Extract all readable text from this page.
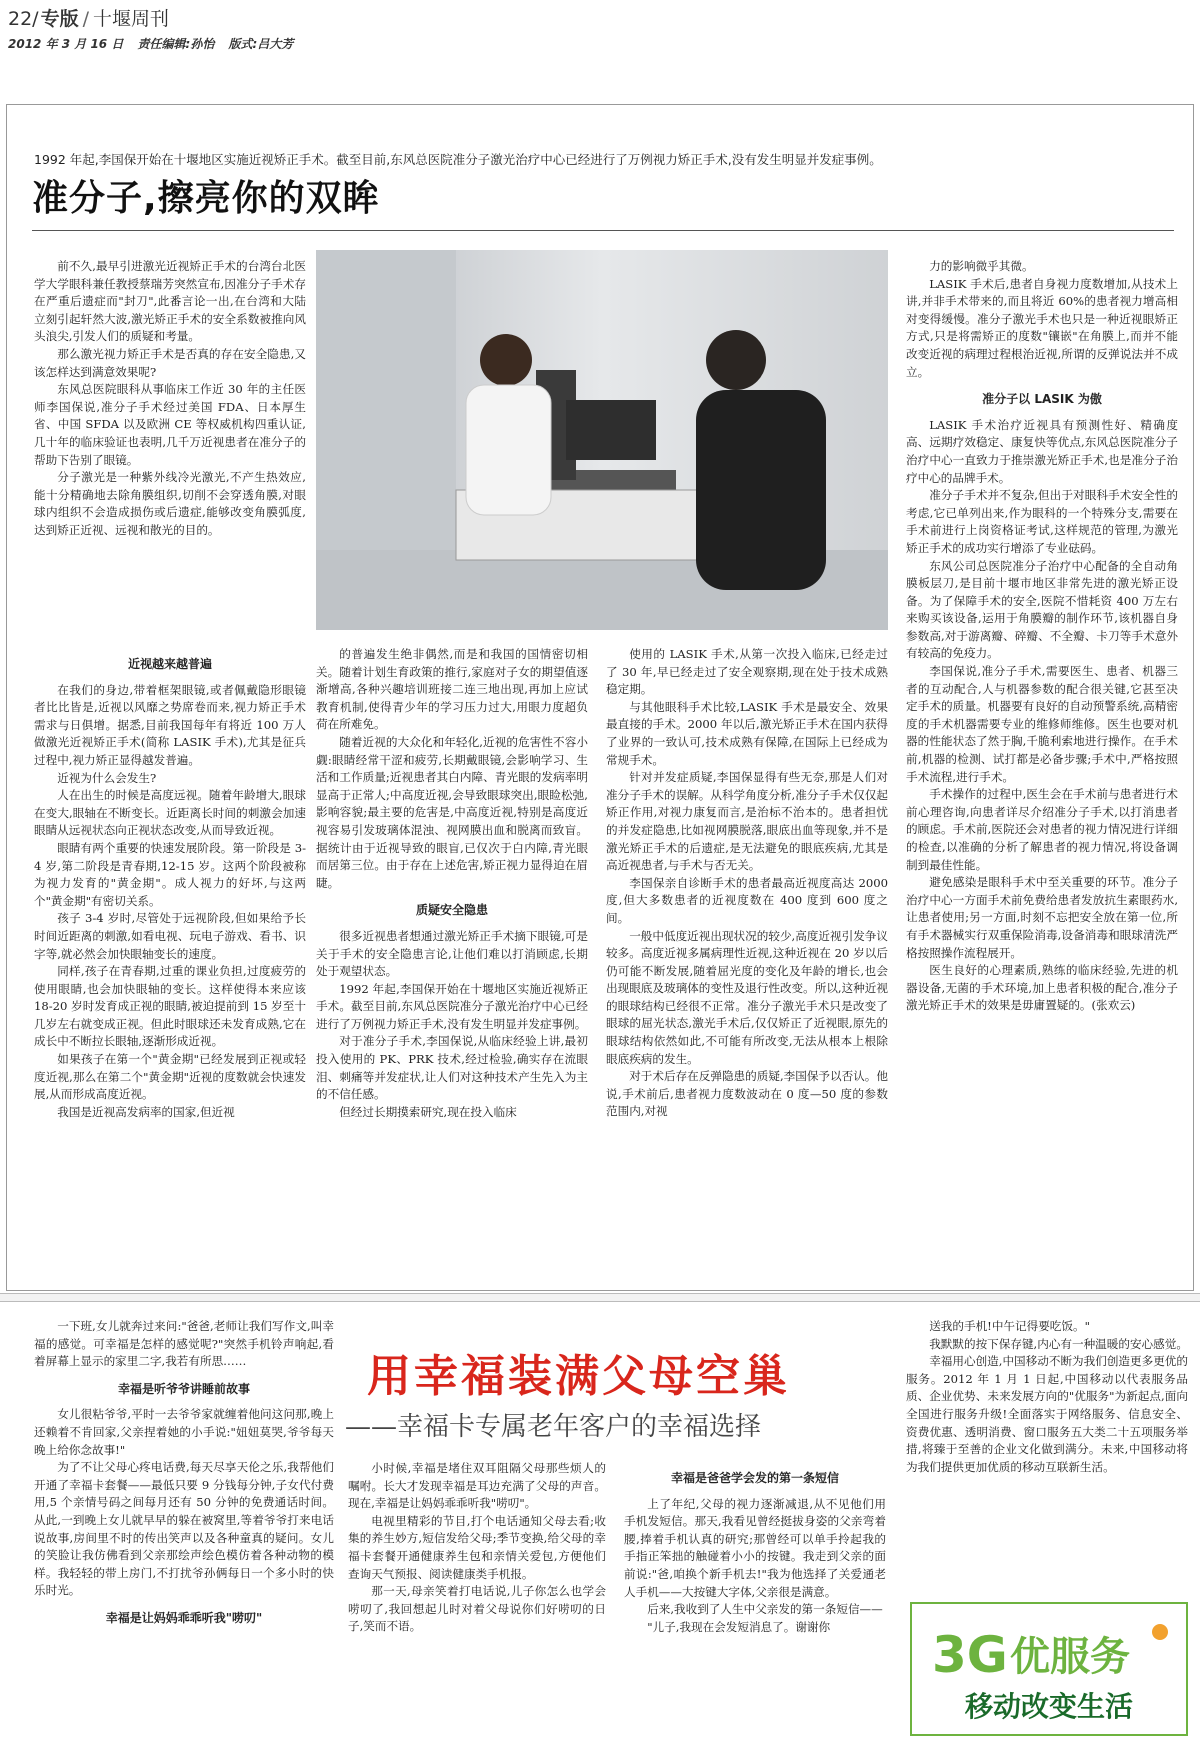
22/ 专版 / 十堰周刊
2012 年 3 月 16 日 责任编辑:孙怡 版式:吕大芳
1992 年起,李国保开始在十堰地区实施近视矫正手术。截至目前,东风总医院准分子激光治疗中心已经进行了万例视力矫正手术,没有发生明显并发症事例。
准分子,擦亮你的双眸

前不久,最早引进激光近视矫正手术的台湾台北医学大学眼科兼任教授蔡瑞芳突然宣布,因准分子手术存在严重后遗症而"封刀",此番言论一出,在台湾和大陆立刻引起轩然大波,激光矫正手术的安全系数被推向风头浪尖,引发人们的质疑和考量。

那么激光视力矫正手术是否真的存在安全隐患,又该怎样达到满意效果呢?

东风总医院眼科从事临床工作近 30 年的主任医师李国保说,准分子手术经过美国 FDA、日本厚生省、中国 SFDA 以及欧洲 CE 等权威机构四重认证,几十年的临床验证也表明,几千万近视患者在准分子的帮助下告别了眼镜。

分子激光是一种紫外线冷光激光,不产生热效应,能十分精确地去除角膜组织,切削不会穿透角膜,对眼球内组织不会造成损伤或后遗症,能够改变角膜弧度,达到矫正近视、远视和散光的目的。

近视越来越普遍

在我们的身边,带着框架眼镜,或者佩戴隐形眼镜者比比皆是,近视以风靡之势席卷而来,视力矫正手术需求与日俱增。据悉,目前我国每年有将近 100 万人做激光近视矫正手术(简称 LASIK 手术),尤其是征兵过程中,视力矫正显得越发普遍。

近视为什么会发生?

人在出生的时候是高度远视。随着年龄增大,眼球在变大,眼轴在不断变长。近距离长时间的刺激会加速眼睛从远视状态向正视状态改变,从而导致近视。

眼睛有两个重要的快速发展阶段。第一阶段是 3-4 岁,第二阶段是青春期,12-15 岁。这两个阶段被称为视力发育的"黄金期"。成人视力的好坏,与这两个"黄金期"有密切关系。

孩子 3-4 岁时,尽管处于远视阶段,但如果给予长时间近距离的刺激,如看电视、玩电子游戏、看书、识字等,就必然会加快眼轴变长的速度。

同样,孩子在青春期,过重的课业负担,过度疲劳的使用眼睛,也会加快眼轴的变长。这样使得本来应该 18-20 岁时发育成正视的眼睛,被迫提前到 15 岁至十几岁左右就变成正视。但此时眼球还未发育成熟,它在成长中不断拉长眼轴,逐渐形成近视。

如果孩子在第一个"黄金期"已经发展到正视或轻度近视,那么在第二个"黄金期"近视的度数就会快速发展,从而形成高度近视。

我国是近视高发病率的国家,但近视

的普遍发生绝非偶然,而是和我国的国情密切相关。随着计划生育政策的推行,家庭对子女的期望值逐渐增高,各种兴趣培训班接二连三地出现,再加上应试教育机制,使得青少年的学习压力过大,用眼力度超负荷在所难免。

随着近视的大众化和年轻化,近视的危害性不容小觑:眼睛经常干涩和疲劳,长期戴眼镜,会影响学习、生活和工作质量;近视患者其白内障、青光眼的发病率明显高于正常人;中高度近视,会导致眼球突出,眼睑松弛,影响容貌;最主要的危害是,中高度近视,特别是高度近视容易引发玻璃体混浊、视网膜出血和脱离而致盲。据统计由于近视导致的眼盲,已仅次于白内障,青光眼而居第三位。由于存在上述危害,矫正视力显得迫在眉睫。

质疑安全隐患

很多近视患者想通过激光矫正手术摘下眼镜,可是关于手术的安全隐患言论,让他们难以打消顾虑,长期处于观望状态。

1992 年起,李国保开始在十堰地区实施近视矫正手术。截至目前,东风总医院准分子激光治疗中心已经进行了万例视力矫正手术,没有发生明显并发症事例。

对于准分子手术,李国保说,从临床经验上讲,最初投入使用的 PK、PRK 技术,经过检验,确实存在流眼泪、刺痛等并发症状,让人们对这种技术产生先入为主的不信任感。

但经过长期摸索研究,现在投入临床

使用的 LASIK 手术,从第一次投入临床,已经走过了 30 年,早已经走过了安全观察期,现在处于技术成熟稳定期。

与其他眼科手术比较,LASIK 手术是最安全、效果最直接的手术。2000 年以后,激光矫正手术在国内获得了业界的一致认可,技术成熟有保障,在国际上已经成为常规手术。

针对并发症质疑,李国保显得有些无奈,那是人们对准分子手术的误解。从科学角度分析,准分子手术仅仅起矫正作用,对视力康复而言,是治标不治本的。患者担忧的并发症隐患,比如视网膜脱落,眼底出血等现象,并不是激光矫正手术的后遗症,是无法避免的眼底疾病,尤其是高近视患者,与手术与否无关。

李国保亲自诊断手术的患者最高近视度高达 2000 度,但大多数患者的近视度数在 400 度到 600 度之间。

一般中低度近视出现状况的较少,高度近视引发争议较多。高度近视多属病理性近视,这种近视在 20 岁以后仍可能不断发展,随着屈光度的变化及年龄的增长,也会出现眼底及玻璃体的变性及退行性改变。所以,这种近视的眼球结构已经很不正常。准分子激光手术只是改变了眼球的屈光状态,激光手术后,仅仅矫正了近视眼,原先的眼球结构依然如此,不可能有所改变,无法从根本上根除眼底疾病的发生。

对于术后存在反弹隐患的质疑,李国保予以否认。他说,手术前后,患者视力度数波动在 0 度—50 度的参数范围内,对视

力的影响微乎其微。

LASIK 手术后,患者自身视力度数增加,从技术上讲,并非手术带来的,而且将近 60%的患者视力增高相对变得缓慢。准分子激光手术也只是一种近视眼矫正方式,只是将需矫正的度数"镶嵌"在角膜上,而并不能改变近视的病理过程根治近视,所谓的反弹说法并不成立。

准分子以 LASIK 为傲

LASIK 手术治疗近视具有预测性好、精确度高、远期疗效稳定、康复快等优点,东风总医院准分子治疗中心一直致力于推崇激光矫正手术,也是准分子治疗中心的品牌手术。

准分子手术并不复杂,但出于对眼科手术安全性的考虑,它已单列出来,作为眼科的一个特殊分支,需要在手术前进行上岗资格证考试,这样规范的管理,为激光矫正手术的成功实行增添了专业砝码。

东风公司总医院准分子治疗中心配备的全自动角膜板层刀,是目前十堰市地区非常先进的激光矫正设备。为了保障手术的安全,医院不惜耗资 400 万左右来购买该设备,运用于角膜瓣的制作环节,该机器自身参数高,对于游离瓣、碎瓣、不全瓣、卡刀等手术意外有较高的免疫力。

李国保说,准分子手术,需要医生、患者、机器三者的互动配合,人与机器参数的配合很关键,它甚至决定手术的质量。机器要有良好的自动预警系统,高精密度的手术机器需要专业的维修师维修。医生也要对机器的性能状态了然于胸,千脆利索地进行操作。在手术前,机器的检测、试打都是必备步骤;手术中,严格按照手术流程,进行手术。

手术操作的过程中,医生会在手术前与患者进行术前心理咨询,向患者详尽介绍准分子手术,以打消患者的顾虑。手术前,医院还会对患者的视力情况进行详细的检查,以准确的分析了解患者的视力情况,将设备调制到最佳性能。

避免感染是眼科手术中至关重要的环节。准分子治疗中心一方面手术前免费给患者发放抗生素眼药水,让患者使用;另一方面,时刻不忘把安全放在第一位,所有手术器械实行双重保险消毒,设备消毒和眼球清洗严格按照操作流程展开。

医生良好的心理素质,熟练的临床经验,先进的机器设备,无菌的手术环境,加上患者积极的配合,准分子激光矫正手术的效果是毋庸置疑的。(张欢云)

用幸福装满父母空巢
——幸福卡专属老年客户的幸福选择

一下班,女儿就奔过来问:"爸爸,老师让我们写作文,叫幸福的感觉。可幸福是怎样的感觉呢?"突然手机铃声响起,看着屏幕上显示的家里二字,我若有所思……

幸福是听爷爷讲睡前故事

女儿很粘爷爷,平时一去爷爷家就缠着他问这问那,晚上还赖着不肯回家,父亲捏着她的小手说:"妞妞莫哭,爷爷每天晚上给你念故事!"

为了不让父母心疼电话费,每天尽享天伦之乐,我帮他们开通了幸福卡套餐——最低只要 9 分钱每分钟,子女代付费用,5 个亲情号码之间每月还有 50 分钟的免费通话时间。从此,一到晚上女儿就早早的躲在被窝里,等着爷爷打来电话说故事,房间里不时的传出笑声以及各种童真的疑问。女儿的笑脸让我仿佛看到父亲那绘声绘色模仿着各种动物的模样。我轻轻的带上房门,不打扰爷孙俩每日一个多小时的快乐时光。

幸福是让妈妈乖乖听我"唠叨"

小时候,幸福是堵住双耳阻隔父母那些烦人的嘱咐。长大才发现幸福是耳边充满了父母的声音。现在,幸福是让妈妈乖乖听我"唠叨"。

电视里精彩的节目,打个电话通知父母去看;收集的养生妙方,短信发给父母;季节变换,给父母的幸福卡套餐开通健康养生包和亲情关爱包,方便他们查询天气预报、阅读健康类手机报。

那一天,母亲笑着打电话说,儿子你怎么也学会唠叨了,我回想起儿时对着父母说你们好唠叨的日子,笑而不语。

幸福是爸爸学会发的第一条短信

上了年纪,父母的视力逐渐减退,从不见他们用手机发短信。那天,我看见曾经挺拔身姿的父亲弯着腰,捧着手机认真的研究;那曾经可以单手拎起我的手指正笨拙的触碰着小小的按键。我走到父亲的面前说:"爸,咱换个新手机去!"我为他选择了关爱通老人手机——大按键大字体,父亲很是满意。

后来,我收到了人生中父亲发的第一条短信——

"儿子,我现在会发短消息了。谢谢你

送我的手机!中午记得要吃饭。"

我默默的按下保存键,内心有一种温暖的安心感觉。

幸福用心创造,中国移动不断为我们创造更多更优的服务。2012 年 1 月 1 日起,中国移动以代表服务品质、企业优势、未来发展方向的"优服务"为新起点,面向全国进行服务升级!全面落实于网络服务、信息安全、资费优惠、透明消费、窗口服务五大类二十五项服务举措,将臻于至善的企业文化做到满分。未来,中国移动将为我们提供更加优质的移动互联新生活。

3G 优服务
移动改变生活
